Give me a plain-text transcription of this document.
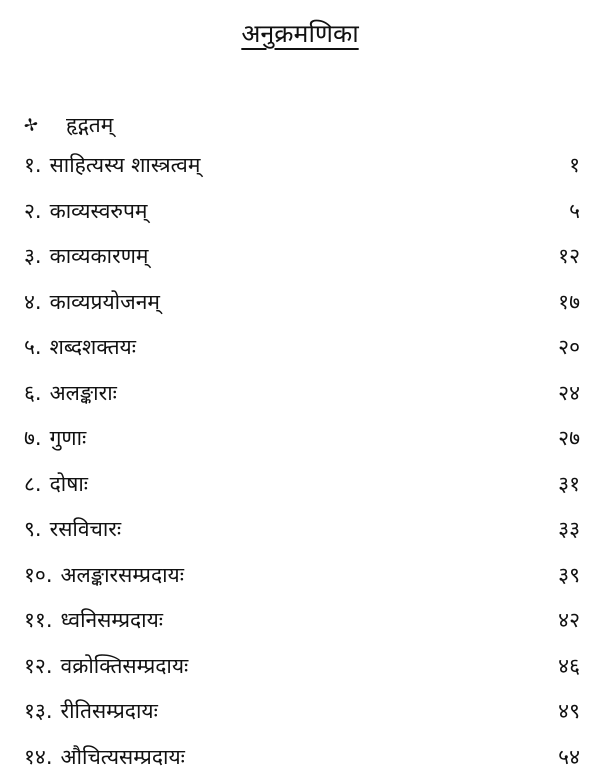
अनुक्रमणिका
✢	हृद्गतम्
१. साहित्यस्य शास्त्रत्वम्	१
२. काव्यस्वरुपम्	५
३. काव्यकारणम्	१२
४. काव्यप्रयोजनम्	१७
५. शब्दशक्तयः	२०
६. अलङ्काराः	२४
७. गुणाः	२७
८. दोषाः	३१
९. रसविचारः	३३
१०. अलङ्कारसम्प्रदायः	३९
११. ध्वनिसम्प्रदायः	४२
१२. वक्रोक्तिसम्प्रदायः	४६
१३. रीतिसम्प्रदायः	४९
१४. औचित्यसम्प्रदायः	५४
